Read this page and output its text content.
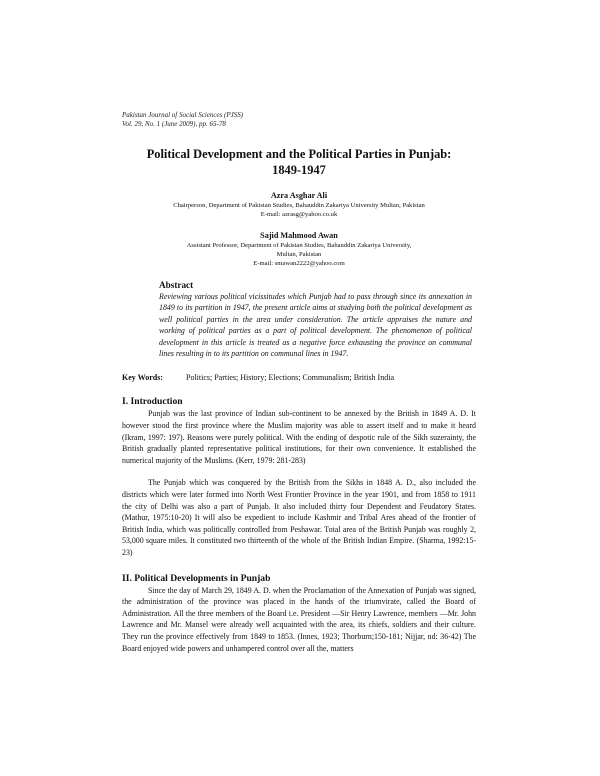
Pakistan Journal of Social Sciences (PJSS)
Vol. 29, No. 1 (June 2009), pp. 65-78
Political Development and the Political Parties in Punjab:
1849-1947
Azra Asghar Ali
Chairperson, Department of Pakistan Studies, Bahauddin Zakariya University Multan, Pakistan
E-mail: azrasg@yahoo.co.uk
Sajid Mahmood Awan
Assistant Professor, Department of Pakistan Studies, Bahauddin Zakariya University,
Multan, Pakistan
E-mail: smawan2222@yahoo.com
Abstract
Reviewing various political vicissitudes which Punjab had to pass through since its annexation in 1849 to its partition in 1947, the present article aims at studying both the political development as well political parties in the area under consideration. The article appraises the nature and working of political parties as a part of political development. The phenomenon of political development in this article is treated as a negative force exhausting the province on communal lines resulting in to its partition on communal lines in 1947.
Key Words:	Politics; Parties; History; Elections; Communalism; British India
I. Introduction

Punjab was the last province of Indian sub-continent to be annexed by the British in 1849 A. D. It however stood the first province where the Muslim majority was able to assert itself and to make it heard (Ikram, 1997: 197). Reasons were purely political. With the ending of despotic rule of the Sikh suzerainty, the British gradually planted representative political institutions, for their own convenience. It established the numerical majority of the Muslims. (Kerr, 1979: 281-283)

The Punjab which was conquered by the British from the Sikhs in 1848 A. D., also included the districts which were later formed into North West Frontier Province in the year 1901, and from 1858 to 1911 the city of Delhi was also a part of Punjab. It also included thirty four Dependent and Feudatory States. (Mathur, 1975:10-20) It will also be expedient to include Kashmir and Tribal Ares ahead of the frontier of British India, which was politically controlled from Peshawar. Total area of the British Punjab was roughly 2, 53,000 square miles. It constituted two thirteenth of the whole of the British Indian Empire. (Sharma, 1992:15-23)

II. Political Developments in Punjab

Since the day of March 29, 1849 A. D. when the Proclamation of the Annexation of Punjab was signed, the administration of the province was placed in the hands of the triumvirate, called the Board of Administration. All the three members of the Board i.e. President —Sir Henry Lawrence, members —Mr. John Lawrence and Mr. Mansel were already well acquainted with the area, its chiefs, soldiers and their culture. They run the province effectively from 1849 to 1853. (Innes, 1923; Thorburn;150-181; Nijjar, nd: 36-42) The Board enjoyed wide powers and unhampered control over all the, matters
